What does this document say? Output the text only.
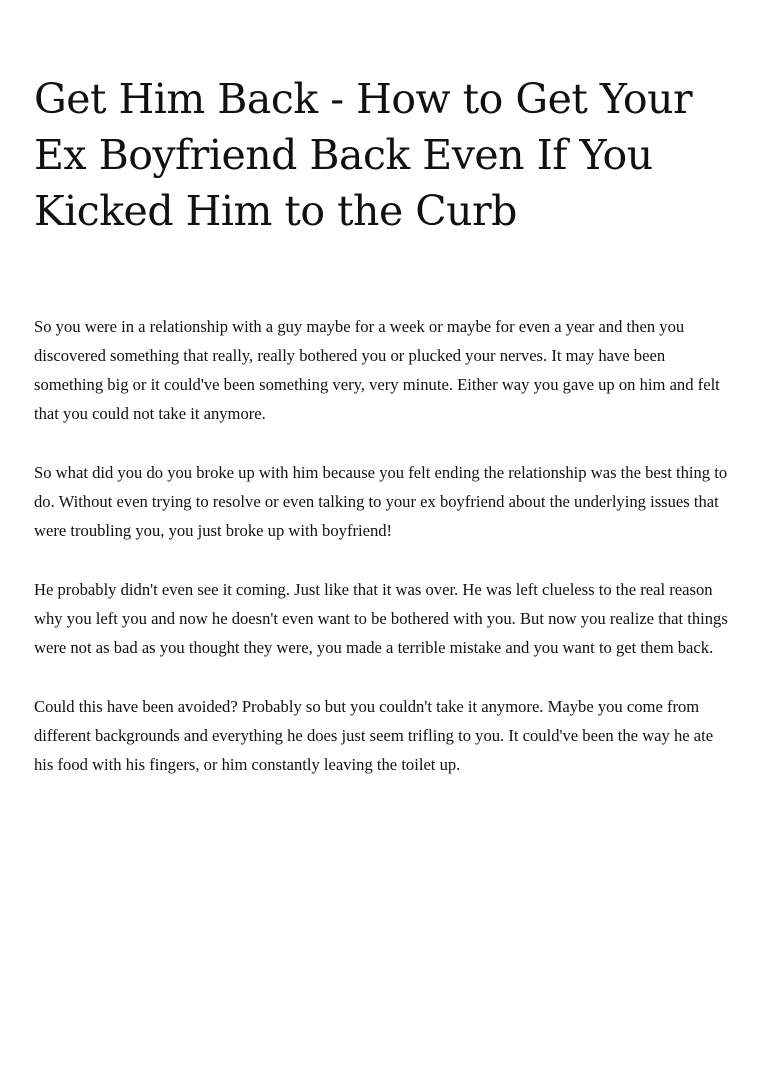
Get Him Back - How to Get Your Ex Boyfriend Back Even If You Kicked Him to the Curb

So you were in a relationship with a guy maybe for a week or maybe for even a year and then you discovered something that really, really bothered you or plucked your nerves. It may have been something big or it could've been something very, very minute. Either way you gave up on him and felt that you could not take it anymore.

So what did you do you broke up with him because you felt ending the relationship was the best thing to do. Without even trying to resolve or even talking to your ex boyfriend about the underlying issues that were troubling you, you just broke up with boyfriend!

He probably didn't even see it coming. Just like that it was over. He was left clueless to the real reason why you left you and now he doesn't even want to be bothered with you. But now you realize that things were not as bad as you thought they were, you made a terrible mistake and you want to get them back.

Could this have been avoided? Probably so but you couldn't take it anymore. Maybe you come from different backgrounds and everything he does just seem trifling to you. It could've been the way he ate his food with his fingers, or him constantly leaving the toilet up.
